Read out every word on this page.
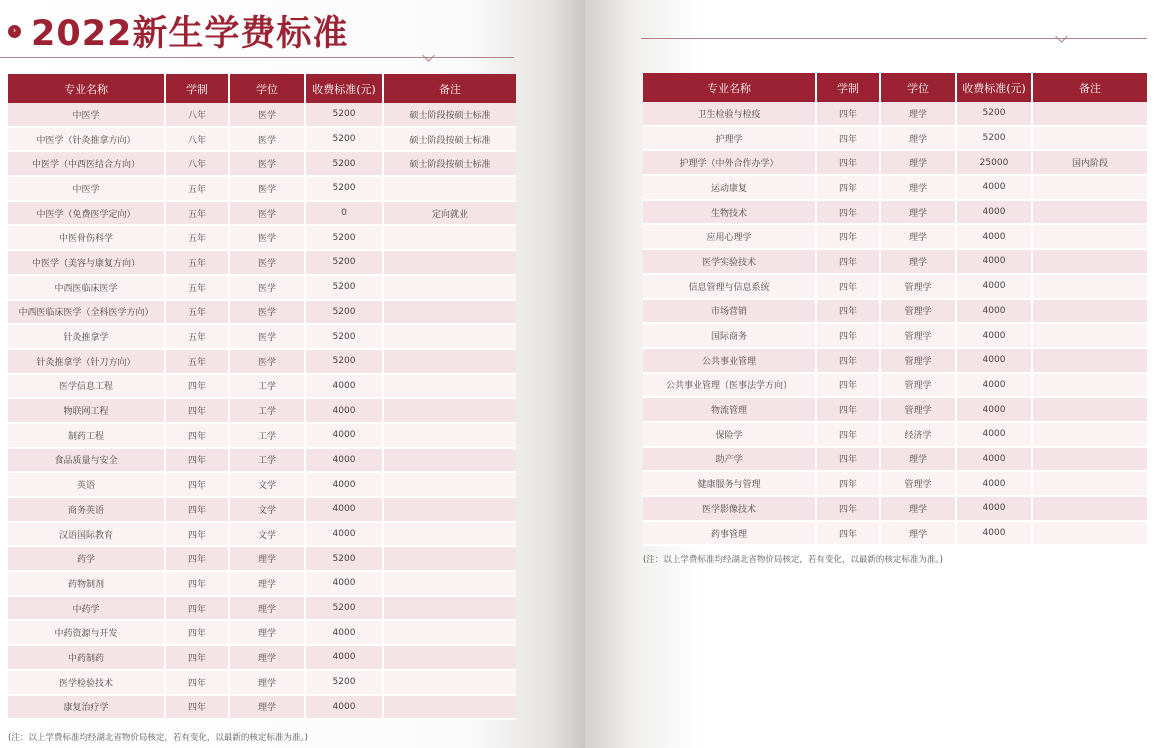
› 2022新生学费标准
专业名称	学制	学位	收费标准(元)	备注
中医学	八年	医学	5200	硕士阶段按硕士标准
中医学（针灸推拿方向）	八年	医学	5200	硕士阶段按硕士标准
中医学（中西医结合方向）	八年	医学	5200	硕士阶段按硕士标准
中医学	五年	医学	5200	
中医学（免费医学定向）	五年	医学	0	定向就业
中医骨伤科学	五年	医学	5200	
中医学（美容与康复方向）	五年	医学	5200	
中西医临床医学	五年	医学	5200	
中西医临床医学（全科医学方向）	五年	医学	5200	
针灸推拿学	五年	医学	5200	
针灸推拿学（针刀方向）	五年	医学	5200	
医学信息工程	四年	工学	4000	
物联网工程	四年	工学	4000	
制药工程	四年	工学	4000	
食品质量与安全	四年	工学	4000	
英语	四年	文学	4000	
商务英语	四年	文学	4000	
汉语国际教育	四年	文学	4000	
药学	四年	理学	5200	
药物制剂	四年	理学	4000	
中药学	四年	理学	5200	
中药资源与开发	四年	理学	4000	
中药制药	四年	理学	4000	
医学检验技术	四年	理学	5200	
康复治疗学	四年	理学	4000	
(注：以上学费标准均经湖北省物价局核定，若有变化，以最新的核定标准为准。)
专业名称	学制	学位	收费标准(元)	备注
卫生检验与检疫	四年	理学	5200	
护理学	四年	理学	5200	
护理学（中外合作办学）	四年	理学	25000	国内阶段
运动康复	四年	理学	4000	
生物技术	四年	理学	4000	
应用心理学	四年	理学	4000	
医学实验技术	四年	理学	4000	
信息管理与信息系统	四年	管理学	4000	
市场营销	四年	管理学	4000	
国际商务	四年	管理学	4000	
公共事业管理	四年	管理学	4000	
公共事业管理（医事法学方向）	四年	管理学	4000	
物流管理	四年	管理学	4000	
保险学	四年	经济学	4000	
助产学	四年	理学	4000	
健康服务与管理	四年	管理学	4000	
医学影像技术	四年	理学	4000	
药事管理	四年	理学	4000	
(注：以上学费标准均经湖北省物价局核定，若有变化，以最新的核定标准为准。)
